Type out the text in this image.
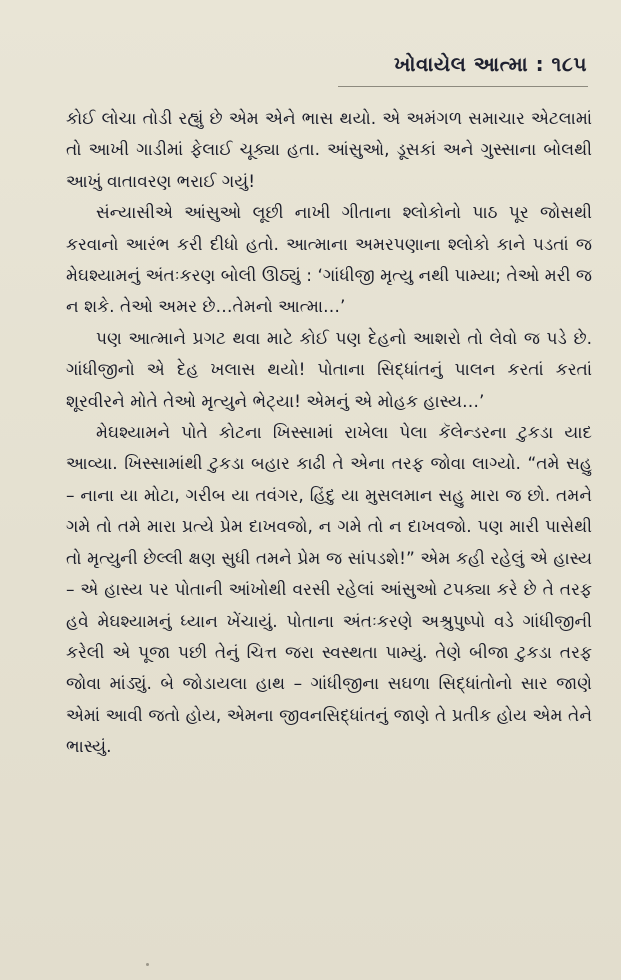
ખોવાયેલ આત્મા : ૧૮૫

કોઈ લોચા તોડી રહ્યું છે એમ એને ભાસ થયો. એ અમંગળ સમાચાર એટલામાં તો આખી ગાડીમાં ફેલાઈ ચૂક્યા હતા. આંસુઓ, ડૂસકાં અને ગુસ્સાના બોલથી આખું વાતાવરણ ભરાઈ ગયું!

સંન્યાસીએ આંસુઓ લૂછી નાખી ગીતાના શ્લોકોનો પાઠ પૂર જોસથી કરવાનો આરંભ કરી દીધો હતો. આત્માના અમરપણાના શ્લોકો કાને પડતાં જ મેઘશ્યામનું અંતઃકરણ બોલી ઊઠ્યું : ‘ગાંધીજી મૃત્યુ નથી પામ્યા; તેઓ મરી જ ન શકે. તેઓ અમર છે…તેમનો આત્મા…’

પણ આત્માને પ્રગટ થવા માટે કોઈ પણ દેહનો આશરો તો લેવો જ પડે છે. ગાંધીજીનો એ દેહ ખલાસ થયો! પોતાના સિદ્ધાંતનું પાલન કરતાં કરતાં શૂરવીરને મોતે તેઓ મૃત્યુને ભેટ્યા! એમનું એ મોહક હાસ્ય…’

મેઘશ્યામને પોતે કોટના ખિસ્સામાં રાખેલા પેલા કૅલેન્ડરના ટુકડા યાદ આવ્યા. ખિસ્સામાંથી ટુકડા બહાર કાઢી તે એના તરફ જોવા લાગ્યો. “તમે સહુ – નાના યા મોટા, ગરીબ યા તવંગર, હિંદુ યા મુસલમાન સહુ મારા જ છો. તમને ગમે તો તમે મારા પ્રત્યે પ્રેમ દાખવજો, ન ગમે તો ન દાખવજો. પણ મારી પાસેથી તો મૃત્યુની છેલ્લી ક્ષણ સુધી તમને પ્રેમ જ સાંપડશે!” એમ કહી રહેલું એ હાસ્ય – એ હાસ્ય પર પોતાની આંખોથી વરસી રહેલાં આંસુઓ ટપક્યા કરે છે તે તરફ હવે મેઘશ્યામનું ધ્યાન ખેંચાયું. પોતાના અંતઃકરણે અશ્રુપુષ્પો વડે ગાંધીજીની કરેલી એ પૂજા પછી તેનું ચિત્ત જરા સ્વસ્થતા પામ્યું. તેણે બીજા ટુકડા તરફ જોવા માંડ્યું. બે જોડાયલા હાથ – ગાંધીજીના સઘળા સિદ્ધાંતોનો સાર જાણે એમાં આવી જતો હોય, એમના જીવનસિદ્ધાંતનું જાણે તે પ્રતીક હોય એમ તેને ભાસ્યું.
